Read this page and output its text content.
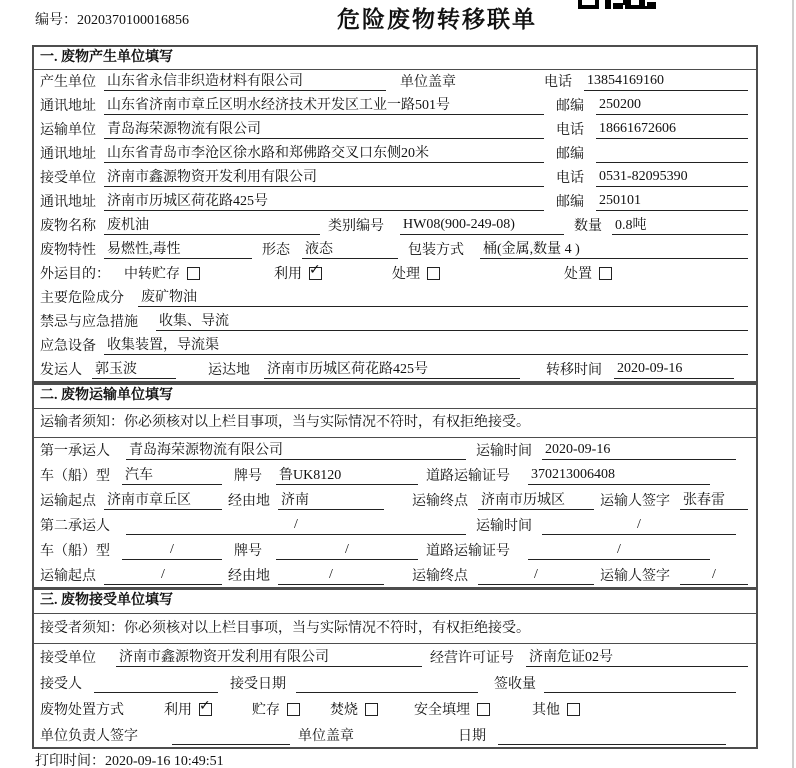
编号：2020370100016856	危险废物转移联单
一. 废物产生单位填写
产生单位 山东省永信非织造材料有限公司	单位盖章	电话	13854169160
通讯地址 山东省济南市章丘区明水经济技术开发区工业一路501号	邮编	250200
运输单位 青岛海荣源物流有限公司	电话	18661672606
通讯地址 山东省青岛市李沧区徐水路和郑佛路交叉口东侧20米	邮编
接受单位 济南市鑫源物资开发利用有限公司	电话	0531-82095390
通讯地址 济南市历城区荷花路425号	邮编	250101
废物名称 废机油	类别编号	HW08(900-249-08)	数量 0.8吨
废物特性 易燃性,毒性	形态	液态	包装方式	桶(金属,数量 4 )
外运目的：	中转贮存	利用 ✓	处理	处置
主要危险成分	废矿物油
禁忌与应急措施	收集、导流
应急设备 收集装置，导流渠
发运人 郭玉波	运达地	济南市历城区荷花路425号	转移时间	2020-09-16
二. 废物运输单位填写
运输者须知：你必须核对以上栏目事项，当与实际情况不符时，有权拒绝接受。
第一承运人	青岛海荣源物流有限公司	运输时间 2020-09-16
车（船）型	汽车	牌号	鲁UK8120	道路运输证号	370213006408
运输起点 济南市章丘区	经由地 济南	运输终点 济南市历城区	运输人签字 张春雷
第二承运人	/	运输时间	/
车（船）型	/	牌号	/	道路运输证号	/
运输起点	/	经由地	/	运输终点	/	运输人签字	/
三. 废物接受单位填写
接受者须知：你必须核对以上栏目事项，当与实际情况不符时，有权拒绝接受。
接受单位	济南市鑫源物资开发利用有限公司	经营许可证号	济南危证02号
接受人	接受日期	签收量
废物处置方式	利用 ✓	贮存	焚烧	安全填埋	其他
单位负责人签字	单位盖章	日期
打印时间：2020-09-16 10:49:51
